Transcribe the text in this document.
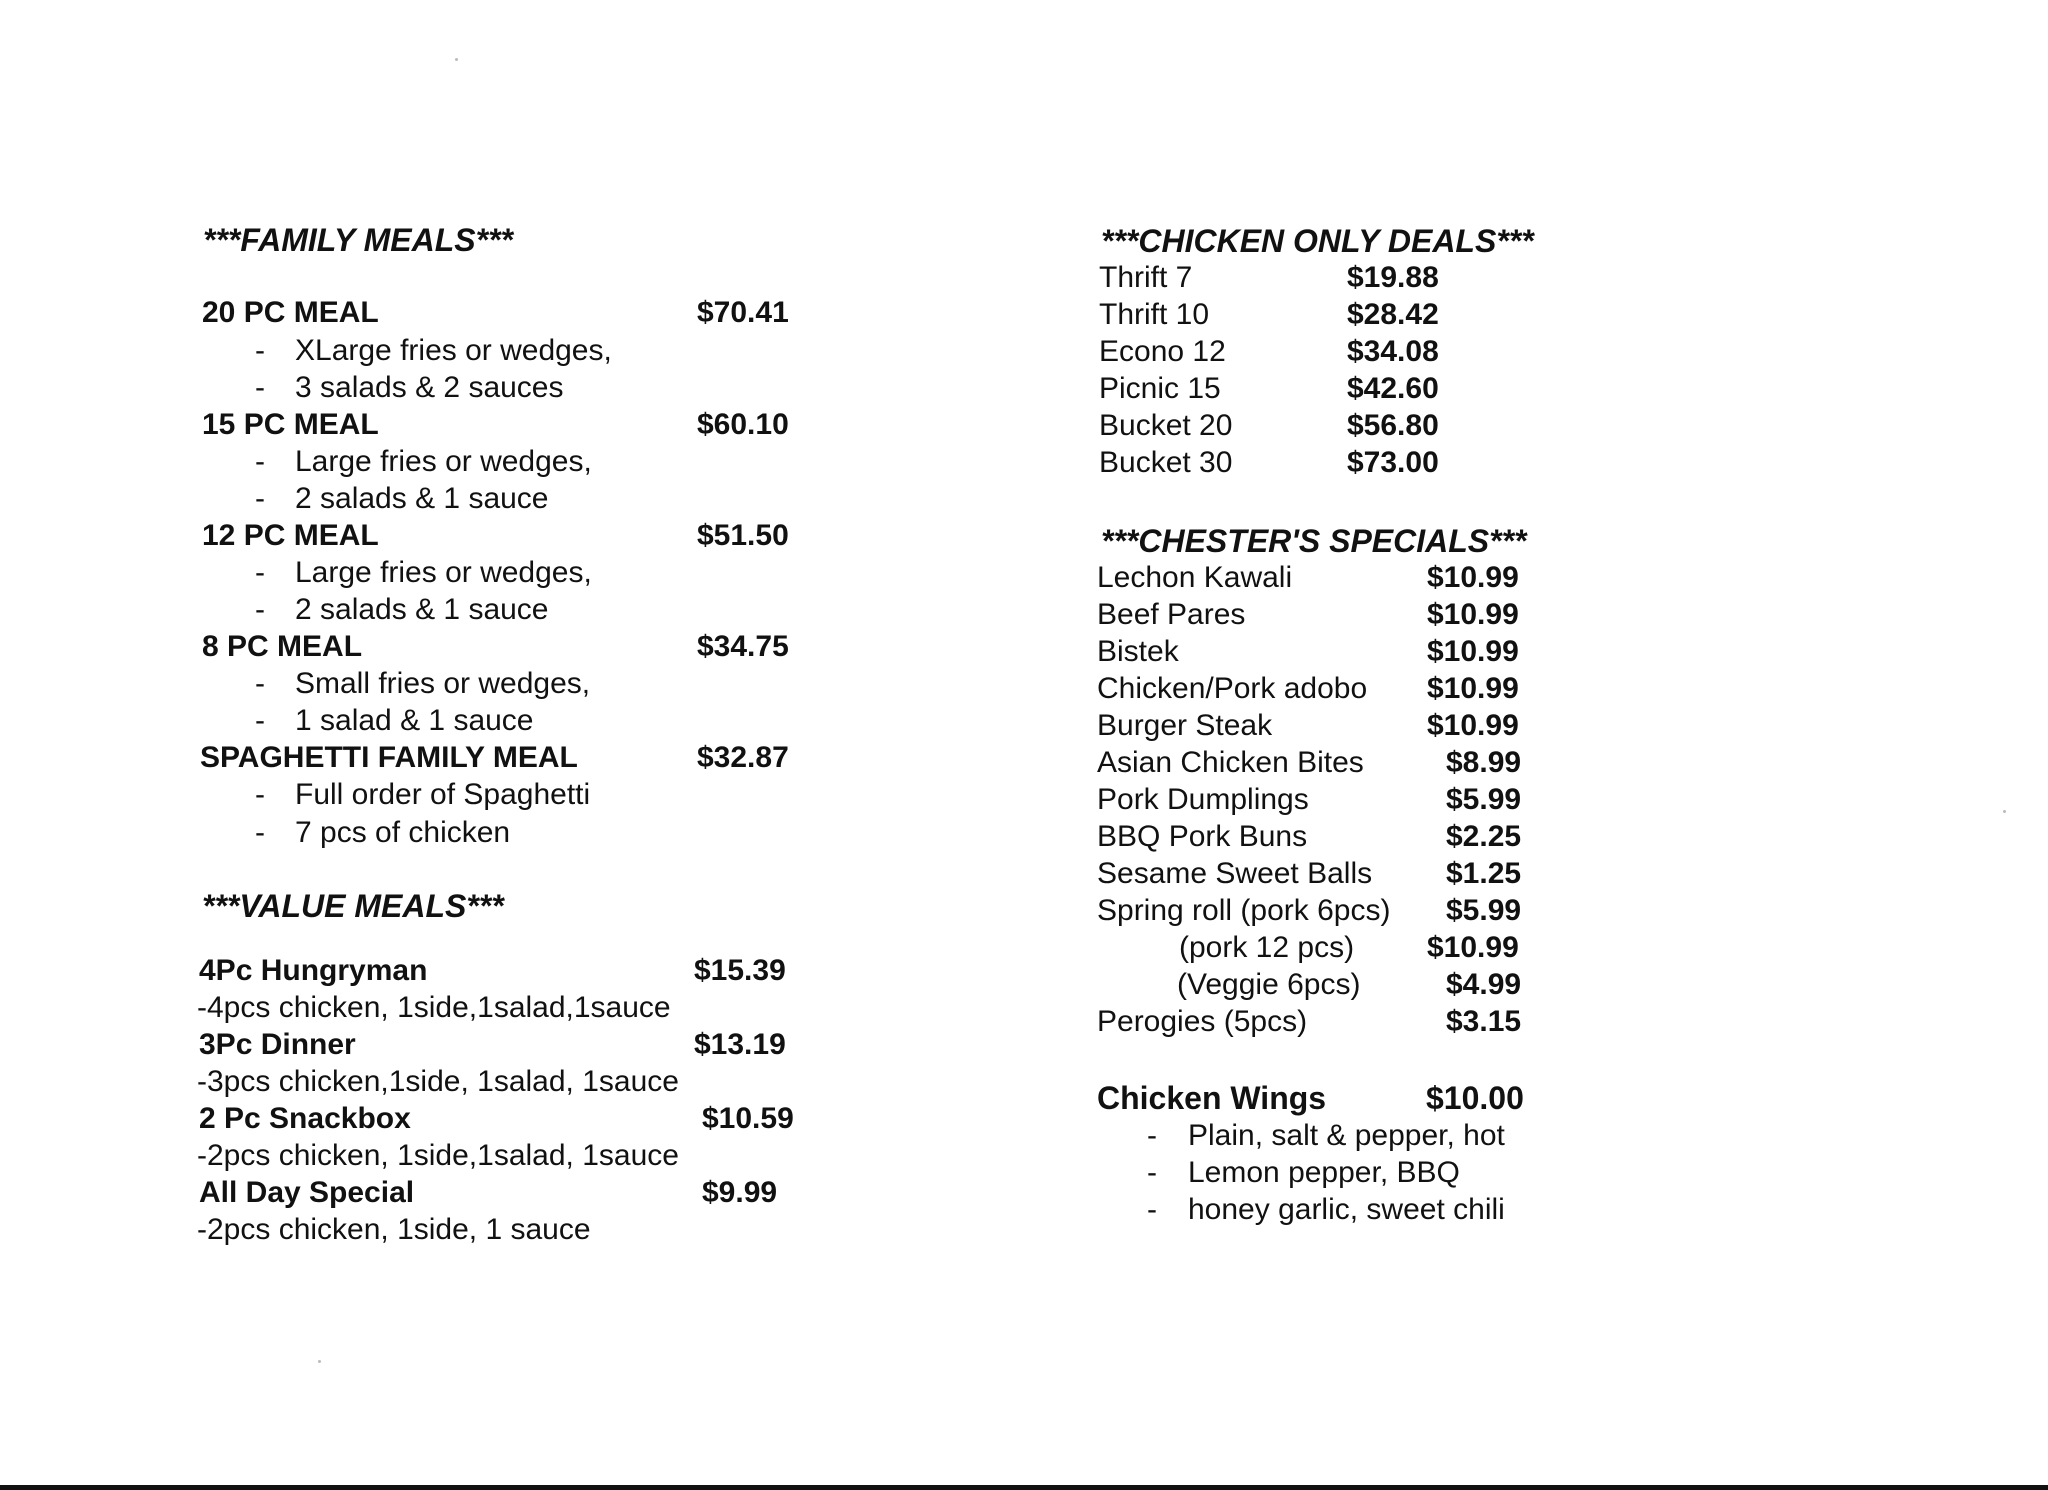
***FAMILY MEALS***
20 PC MEAL	$70.41
- XLarge fries or wedges,
- 3 salads & 2 sauces
15 PC MEAL	$60.10
- Large fries or wedges,
- 2 salads & 1 sauce
12 PC MEAL	$51.50
- Large fries or wedges,
- 2 salads & 1 sauce
8 PC MEAL	$34.75
- Small fries or wedges,
- 1 salad & 1 sauce
SPAGHETTI FAMILY MEAL	$32.87
- Full order of Spaghetti
- 7 pcs of chicken
***VALUE MEALS***
4Pc Hungryman	$15.39
-4pcs chicken, 1side,1salad,1sauce
3Pc Dinner	$13.19
-3pcs chicken,1side, 1salad, 1sauce
2 Pc Snackbox	$10.59
-2pcs chicken, 1side,1salad, 1sauce
All Day Special	$9.99
-2pcs chicken, 1side, 1 sauce
***CHICKEN ONLY DEALS***
Thrift 7	$19.88
Thrift 10	$28.42
Econo 12	$34.08
Picnic 15	$42.60
Bucket 20	$56.80
Bucket 30	$73.00
***CHESTER'S SPECIALS***
Lechon Kawali	$10.99
Beef Pares	$10.99
Bistek	$10.99
Chicken/Pork adobo $10.99
Burger Steak	$10.99
Asian Chicken Bites	$8.99
Pork Dumplings	$5.99
BBQ Pork Buns	$2.25
Sesame Sweet Balls $1.25
Spring roll (pork 6pcs) $5.99
(pork 12 pcs) $10.99
(Veggie 6pcs)	$4.99
Perogies (5pcs)	$3.15
Chicken Wings	$10.00
- Plain, salt & pepper, hot
- Lemon pepper, BBQ
- honey garlic, sweet chili
